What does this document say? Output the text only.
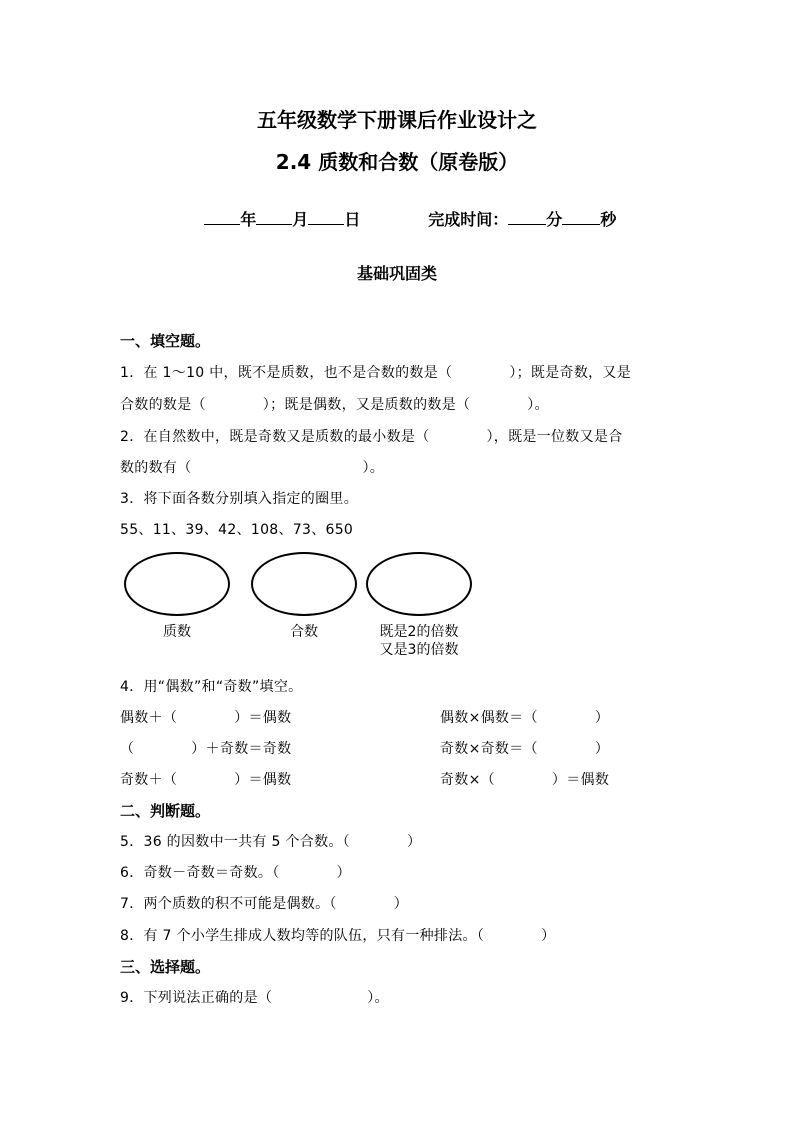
五年级数学下册课后作业设计之
2.4 质数和合数（原卷版）

年 月 日
	完成时间： 分 秒

基础巩固类
一、填空题。
1．在 1～10 中，既不是质数，也不是合数的数是（            ）；既是奇数，又是
合数的数是（            ）；既是偶数，又是质数的数是（            ）。
2．在自然数中，既是奇数又是质数的最小数是（            ），既是一位数又是合
数的数有（                                    ）。
3．将下面各数分别填入指定的圈里。
55、11、39、42、108、73、650
质数	合数	既是2的倍数
又是3的倍数
4．用“偶数”和“奇数”填空。
偶数＋（            ）＝偶数	偶数×偶数＝（            ）
（            ）＋奇数＝奇数	奇数×奇数＝（            ）
奇数＋（            ）＝偶数	奇数×（            ）＝偶数
二、判断题。
5．36 的因数中一共有 5 个合数。（            ）
6．奇数－奇数＝奇数。（            ）
7．两个质数的积不可能是偶数。（            ）
8．有 7 个小学生排成人数均等的队伍，只有一种排法。（            ）
三、选择题。
9．下列说法正确的是（                    ）。
